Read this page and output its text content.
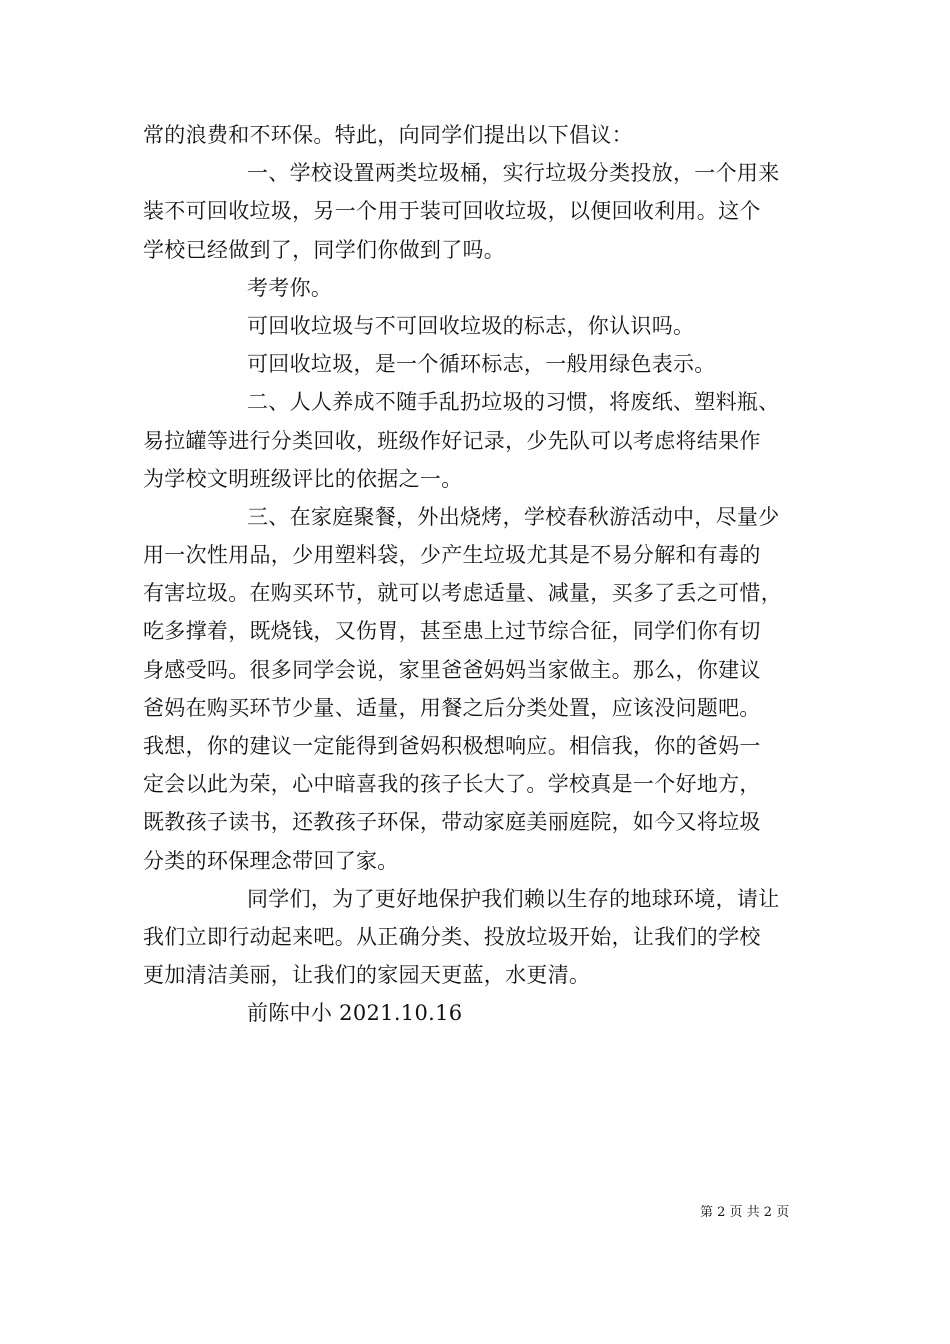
常的浪费和不环保。特此，向同学们提出以下倡议：
一、学校设置两类垃圾桶，实行垃圾分类投放，一个用来
装不可回收垃圾，另一个用于装可回收垃圾，以便回收利用。这个
学校已经做到了，同学们你做到了吗。
考考你。
可回收垃圾与不可回收垃圾的标志，你认识吗。
可回收垃圾，是一个循环标志，一般用绿色表示。
二、人人养成不随手乱扔垃圾的习惯，将废纸、塑料瓶、
易拉罐等进行分类回收，班级作好记录，少先队可以考虑将结果作
为学校文明班级评比的依据之一。
三、在家庭聚餐，外出烧烤，学校春秋游活动中，尽量少
用一次性用品，少用塑料袋，少产生垃圾尤其是不易分解和有毒的
有害垃圾。在购买环节，就可以考虑适量、减量，买多了丢之可惜，
吃多撑着，既烧钱，又伤胃，甚至患上过节综合征，同学们你有切
身感受吗。很多同学会说，家里爸爸妈妈当家做主。那么，你建议
爸妈在购买环节少量、适量，用餐之后分类处置，应该没问题吧。
我想，你的建议一定能得到爸妈积极想响应。相信我，你的爸妈一
定会以此为荣，心中暗喜我的孩子长大了。学校真是一个好地方，
既教孩子读书，还教孩子环保，带动家庭美丽庭院，如今又将垃圾
分类的环保理念带回了家。
同学们，为了更好地保护我们赖以生存的地球环境，请让
我们立即行动起来吧。从正确分类、投放垃圾开始，让我们的学校
更加清洁美丽，让我们的家园天更蓝，水更清。
前陈中小 2021.10.16
第 2 页 共 2 页
